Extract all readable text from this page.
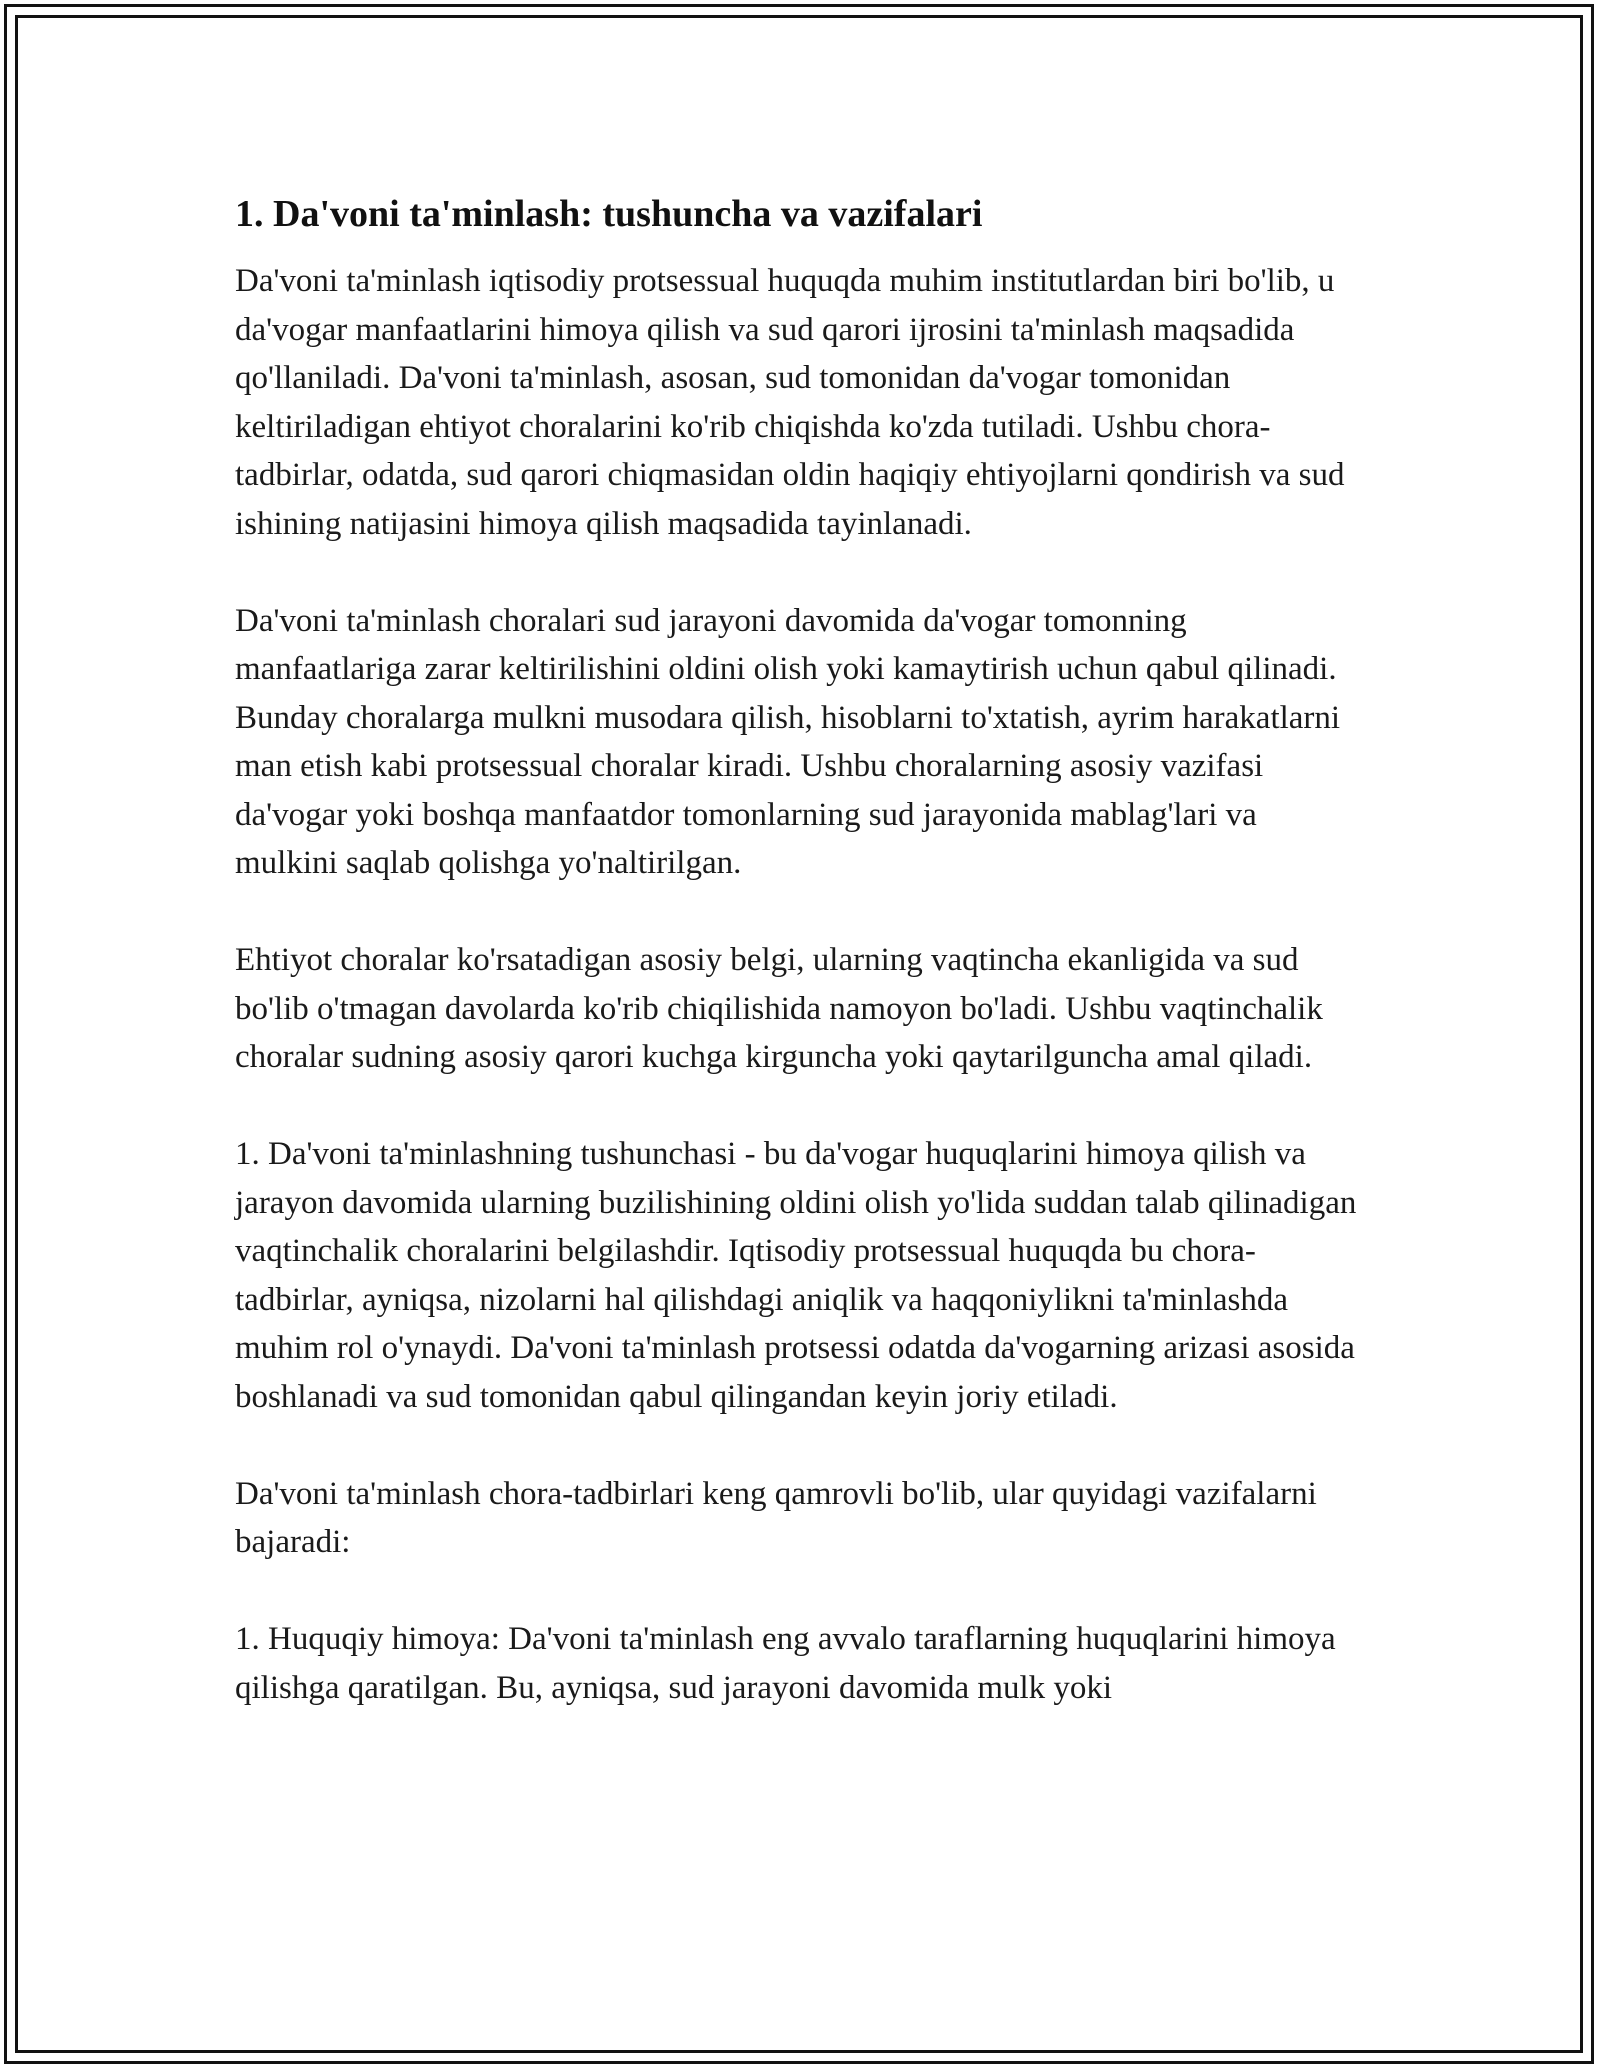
1. Da'voni ta'minlash: tushuncha va vazifalari

Da'voni ta'minlash iqtisodiy protsessual huquqda muhim institutlardan biri bo'lib, u da'vogar manfaatlarini himoya qilish va sud qarori ijrosini ta'minlash maqsadida qo'llaniladi. Da'voni ta'minlash, asosan, sud tomonidan da'vogar tomonidan keltiriladigan ehtiyot choralarini ko'rib chiqishda ko'zda tutiladi. Ushbu chora-tadbirlar, odatda, sud qarori chiqmasidan oldin haqiqiy ehtiyojlarni qondirish va sud ishining natijasini himoya qilish maqsadida tayinlanadi.

Da'voni ta'minlash choralari sud jarayoni davomida da'vogar tomonning manfaatlariga zarar keltirilishini oldini olish yoki kamaytirish uchun qabul qilinadi. Bunday choralarga mulkni musodara qilish, hisoblarni to'xtatish, ayrim harakatlarni man etish kabi protsessual choralar kiradi. Ushbu choralarning asosiy vazifasi da'vogar yoki boshqa manfaatdor tomonlarning sud jarayonida mablag'lari va mulkini saqlab qolishga yo'naltirilgan.

Ehtiyot choralar ko'rsatadigan asosiy belgi, ularning vaqtincha ekanligida va sud bo'lib o'tmagan davolarda ko'rib chiqilishida namoyon bo'ladi. Ushbu vaqtinchalik choralar sudning asosiy qarori kuchga kirguncha yoki qaytarilguncha amal qiladi.

1. Da'voni ta'minlashning tushunchasi - bu da'vogar huquqlarini himoya qilish va jarayon davomida ularning buzilishining oldini olish yo'lida suddan talab qilinadigan vaqtinchalik choralarini belgilashdir. Iqtisodiy protsessual huquqda bu chora-tadbirlar, ayniqsa, nizolarni hal qilishdagi aniqlik va haqqoniylikni ta'minlashda muhim rol o'ynaydi. Da'voni ta'minlash protsessi odatda da'vogarning arizasi asosida boshlanadi va sud tomonidan qabul qilingandan keyin joriy etiladi.

Da'voni ta'minlash chora-tadbirlari keng qamrovli bo'lib, ular quyidagi vazifalarni bajaradi:

1. Huquqiy himoya: Da'voni ta'minlash eng avvalo taraflarning huquqlarini himoya qilishga qaratilgan. Bu, ayniqsa, sud jarayoni davomida mulk yoki
